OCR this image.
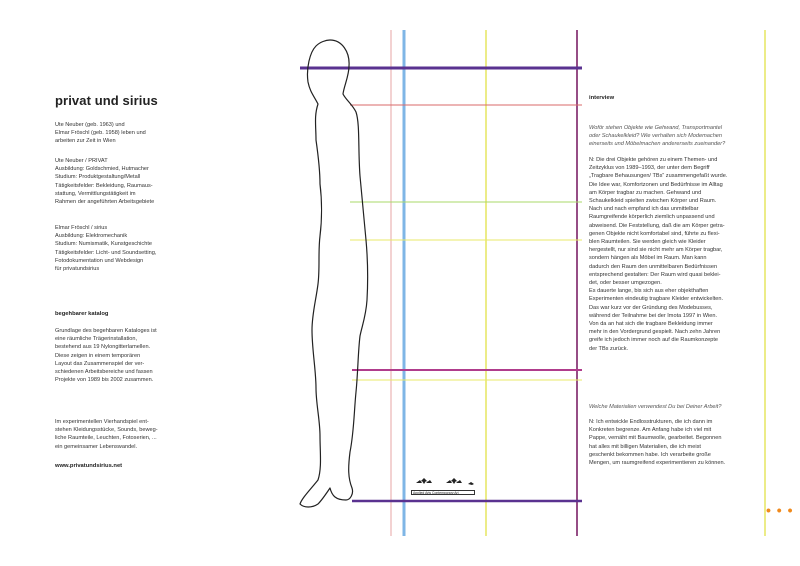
privat und sirius
Ute Neuber (geb. 1963) und
Elmar Fröschl (geb. 1958) leben und
arbeiten zur Zeit in Wien
Ute Neuber / PRIVAT
Ausbildung: Goldschmied, Hutmacher
Studium: Produktgestaltung/Metall
Tätigkeitsfelder: Bekleidung, Raumaus-
stattung, Vermittlungstätigkeit im
Rahmen der angeführten Arbeitsgebiete
Elmar Fröschl / sirius
Ausbildung: Elektromechanik
Studium: Numismatik, Kunstgeschichte
Tätigkeitsfelder: Licht- und Soundsetting,
Fotodokumentation und Webdesign
für privatundsirius
begehbarer katalog
Grundlage des begehbaren Kataloges ist
eine räumliche Trägerinstallation,
bestehend aus 19 Nylongitterlamellen.
Diese zeigen in einem temporären
Layout das Zusammenspiel der ver-
schiedenen Arbeitsbereiche und fassen
Projekte von 1989 bis 2002 zusammen.
Im experimentellen Vierhandspiel ent-
stehen Kleidungsstücke, Sounds, beweg-
liche Raumteile, Leuchten, Fotoserien, ...
ein gemeinsamer Lebenswandel.
www.privatundsirius.net
interview
Woför stehen Objekte wie Gehwand, Transportmantel
oder Schaukelkleid? Wie verhalten sich Modemachen
einerseits und Möbelmachen andererseits zueinander?
N: Die drei Objekte gehören zu einem Themen- und
Zeitzyklus von 1989–1993, der unter dem Begriff
„Tragbare Behausungen/ TBs“ zusammengefaßt wurde.
Die Idee war, Komfortzonen und Bedürfnisse im Alltag
am Körper tragbar zu machen. Gehwand und
Schaukelkleid spielten zwischen Körper und Raum.
Nach und nach empfand ich das unmittelbar
Raumgreifende körperlich ziemlich unpassend und
abweisend. Die Feststellung, daß die am Körper getra-
genen Objekte nicht komfortabel sind, führte zu flexi-
blen Raumteilen. Sie werden gleich wie Kleider
hergestellt, nur sind sie nicht mehr am Körper tragbar,
sondern hängen als Möbel im Raum. Man kann
dadurch den Raum den unmittelbaren Bedürfnissen
entsprechend gestalten: Der Raum wird quasi beklei-
det, oder besser umgezogen.
Es dauerte lange, bis sich aus eher objekthaften
Experimenten eindeutig tragbare Kleider entwickelten.
Das war kurz vor der Gründung des Modebusses,
während der Teilnahme bei der Imota 1997 in Wien.
Von da an hat sich die tragbare Bekleidung immer
mehr in den Vordergrund gespielt. Nach zehn Jahren
greife ich jedoch immer noch auf die Raumkonzepte
der TBs zurück.
Welche Materialien verwendest Du bei Deiner Arbeit?
N: Ich entwickle Endlosstrukturen, die ich dann im
Konkreten begrenze. Am Anfang habe ich viel mit
Pappe, vernäht mit Baumwolle, gearbeitet. Begonnen
hat alles mit billigen Materialien, die ich meist
geschenkt bekommen habe. Ich verarbeite große
Mengen, um raumgreifend experimentieren zu können.
Applied Arts Contemporary Art
• • •
